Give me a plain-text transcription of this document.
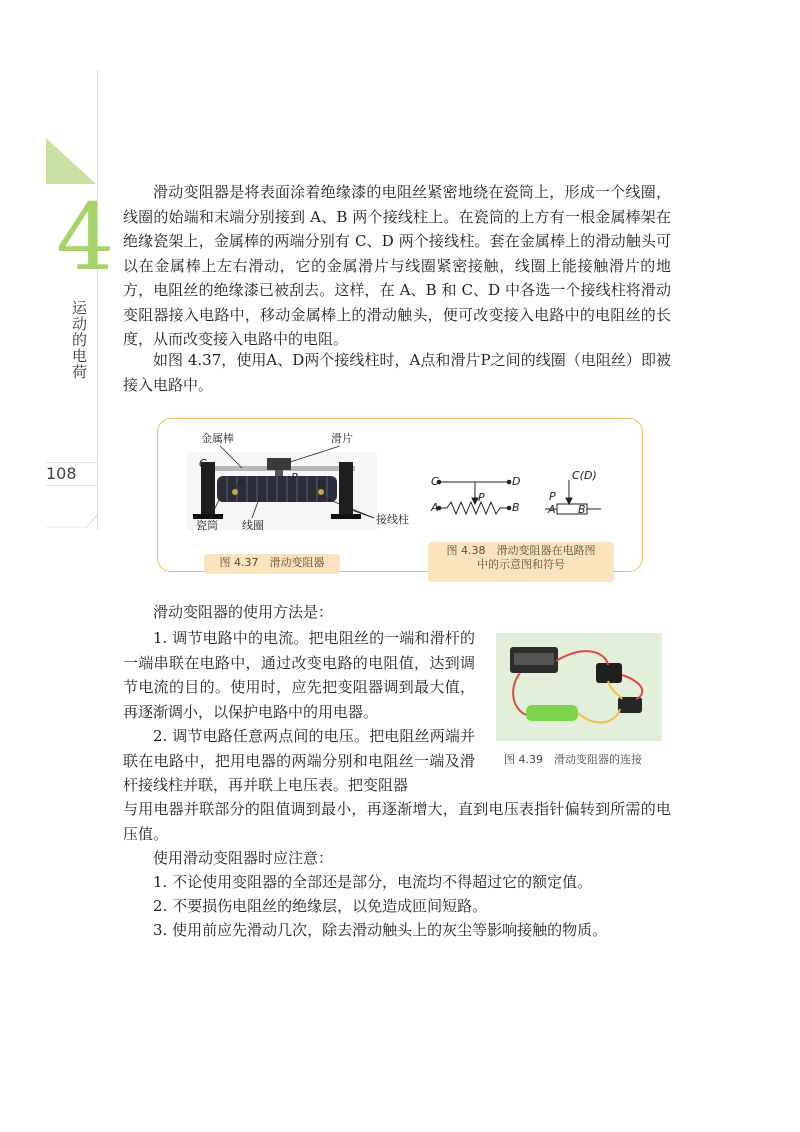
4
运动的电荷
108

滑动变阻器是将表面涂着绝缘漆的电阻丝紧密地绕在瓷筒上，形成一个线圈，线圈的始端和末端分别接到 A、B 两个接线柱上。在瓷筒的上方有一根金属棒架在绝缘瓷架上，金属棒的两端分别有 C、D 两个接线柱。套在金属棒上的滑动触头可以在金属棒上左右滑动，它的金属滑片与线圈紧密接触，线圈上能接触滑片的地方，电阻丝的绝缘漆已被刮去。这样，在 A、B 和 C、D 中各选一个接线柱将滑动变阻器接入电路中，移动金属棒上的滑动触头，便可改变接入电路中的电阻丝的长度，从而改变接入电路中的电阻。

如图 4.37，使用A、D两个接线柱时，A点和滑片P之间的线圈（电阻丝）即被接入电路中。

金属棒	滑片
C	D
A	P
B
瓷筒 线圈	接线柱
图 4.37　滑动变阻器
C	D
P
A	B
C(D)
P
A B
图 4.38　滑动变阻器在电路图
中的示意图和符号

滑动变阻器的使用方法是：

1. 调节电路中的电流。把电阻丝的一端和滑杆的一端串联在电路中，通过改变电路的电阻值，达到调节电流的目的。使用时，应先把变阻器调到最大值，再逐渐调小，以保护电路中的用电器。

2. 调节电路任意两点间的电压。把电阻丝两端并联在电路中，把用电器的两端分别和电阻丝一端及滑杆接线柱并联，再并联上电压表。把变阻器

与用电器并联部分的阻值调到最小，再逐渐增大，直到电压表指针偏转到所需的电压值。

图 4.39　滑动变阻器的连接

使用滑动变阻器时应注意：

1. 不论使用变阻器的全部还是部分，电流均不得超过它的额定值。

2. 不要损伤电阻丝的绝缘层，以免造成匝间短路。

3. 使用前应先滑动几次，除去滑动触头上的灰尘等影响接触的物质。
